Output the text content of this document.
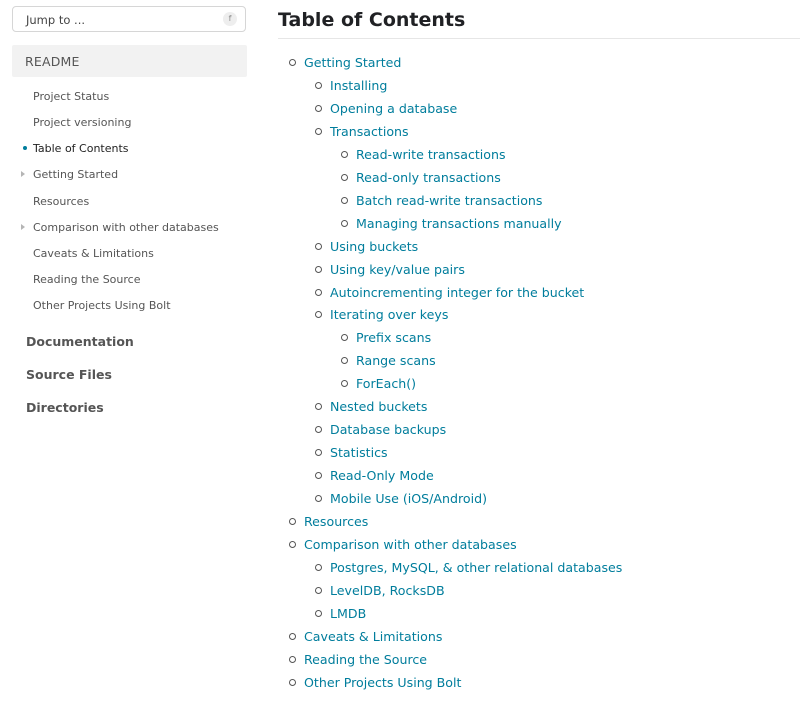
Jump to ...	f
README
Project Status
Project versioning
Table of Contents
Getting Started
Resources
Comparison with other databases
Caveats & Limitations
Reading the Source
Other Projects Using Bolt
Documentation
Source Files
Directories
Table of Contents
Getting Started
Installing
Opening a database
Transactions
Read-write transactions
Read-only transactions
Batch read-write transactions
Managing transactions manually
Using buckets
Using key/value pairs
Autoincrementing integer for the bucket
Iterating over keys
Prefix scans
Range scans
ForEach()
Nested buckets
Database backups
Statistics
Read-Only Mode
Mobile Use (iOS/Android)
Resources
Comparison with other databases
Postgres, MySQL, & other relational databases
LevelDB, RocksDB
LMDB
Caveats & Limitations
Reading the Source
Other Projects Using Bolt
